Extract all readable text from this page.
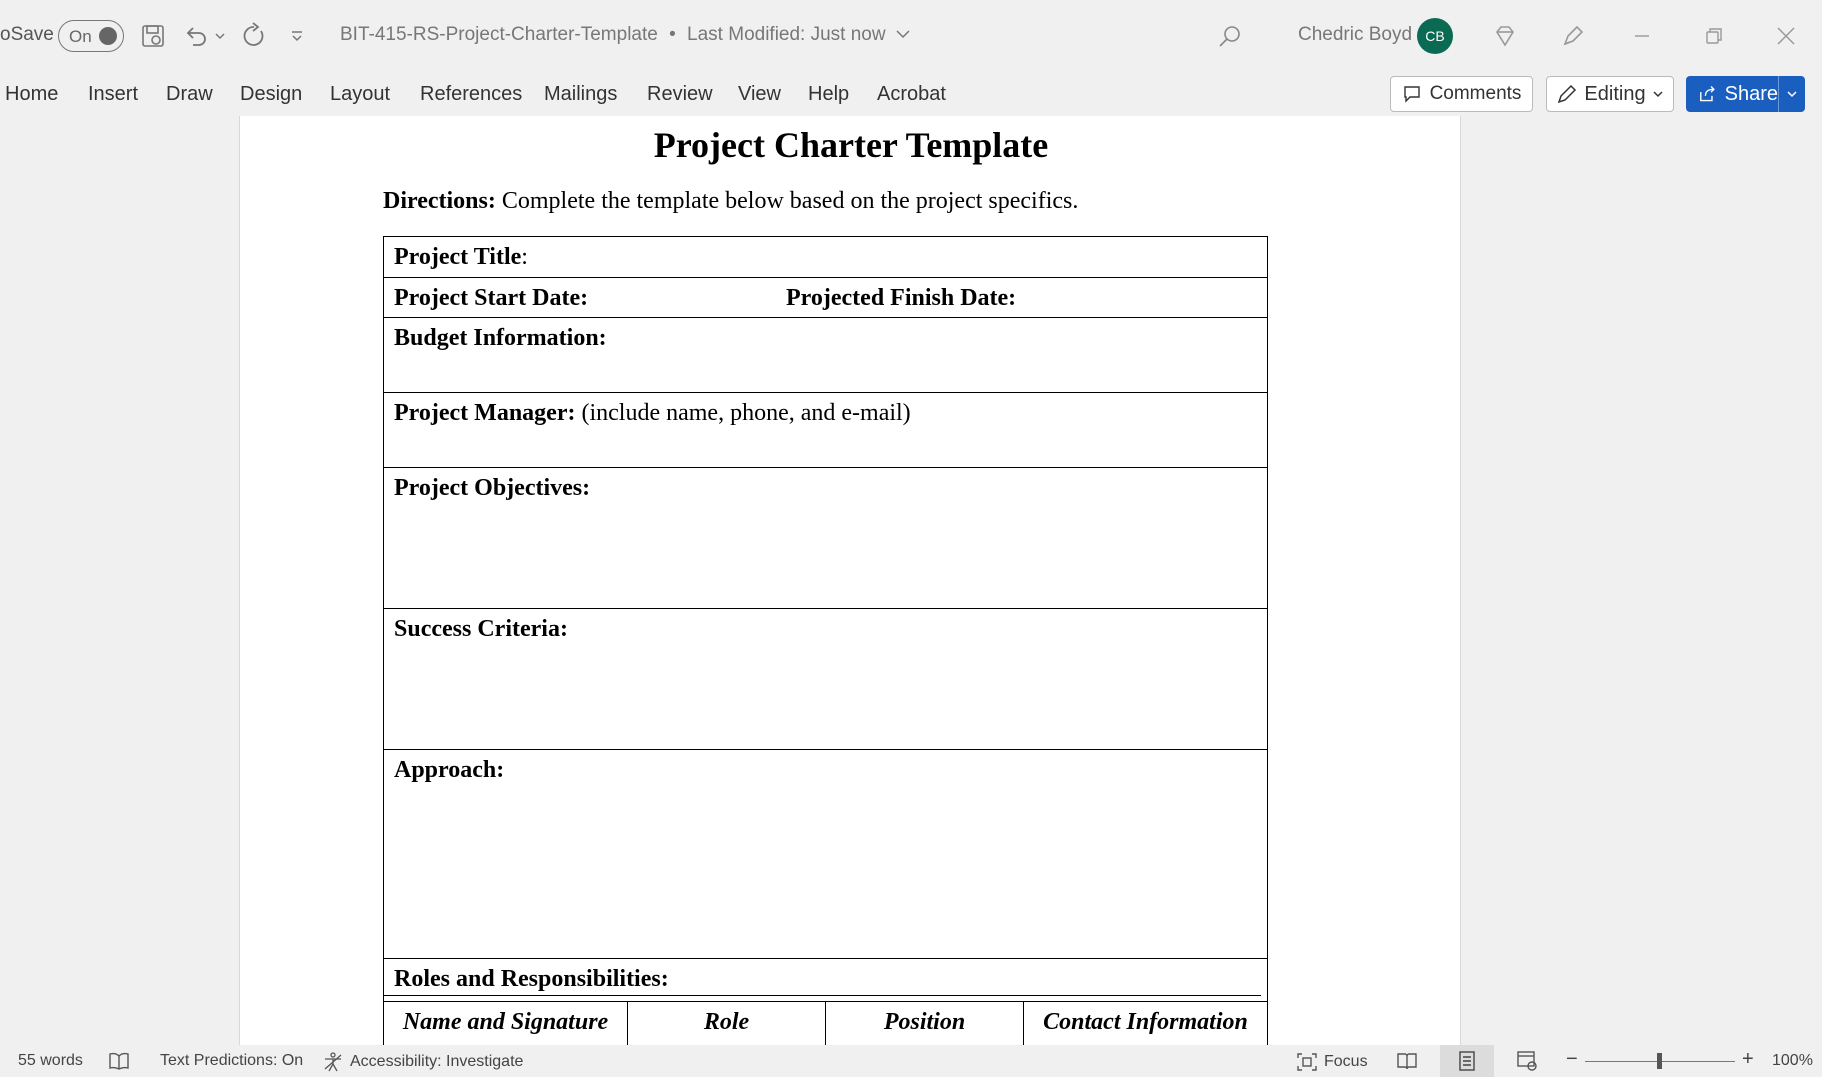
oSave On	BIT-415-RS-Project-Charter-Template • Last Modified: Just now	Chedric Boyd CB
Home Insert Draw Design Layout References Mailings Review View Help Acrobat	Comments	Editing	Share
Project Charter Template
Directions: Complete the template below based on the project specifics.
Project Title:
Project Start Date:	Projected Finish Date:
Budget Information:
Project Manager: (include name, phone, and e-mail)
Project Objectives:
Success Criteria:
Approach:
Roles and Responsibilities:
Name and Signature	Role	Position	Contact Information
55 words	Text Predictions: On	Accessibility: Investigate	Focus	−	+ 100%
